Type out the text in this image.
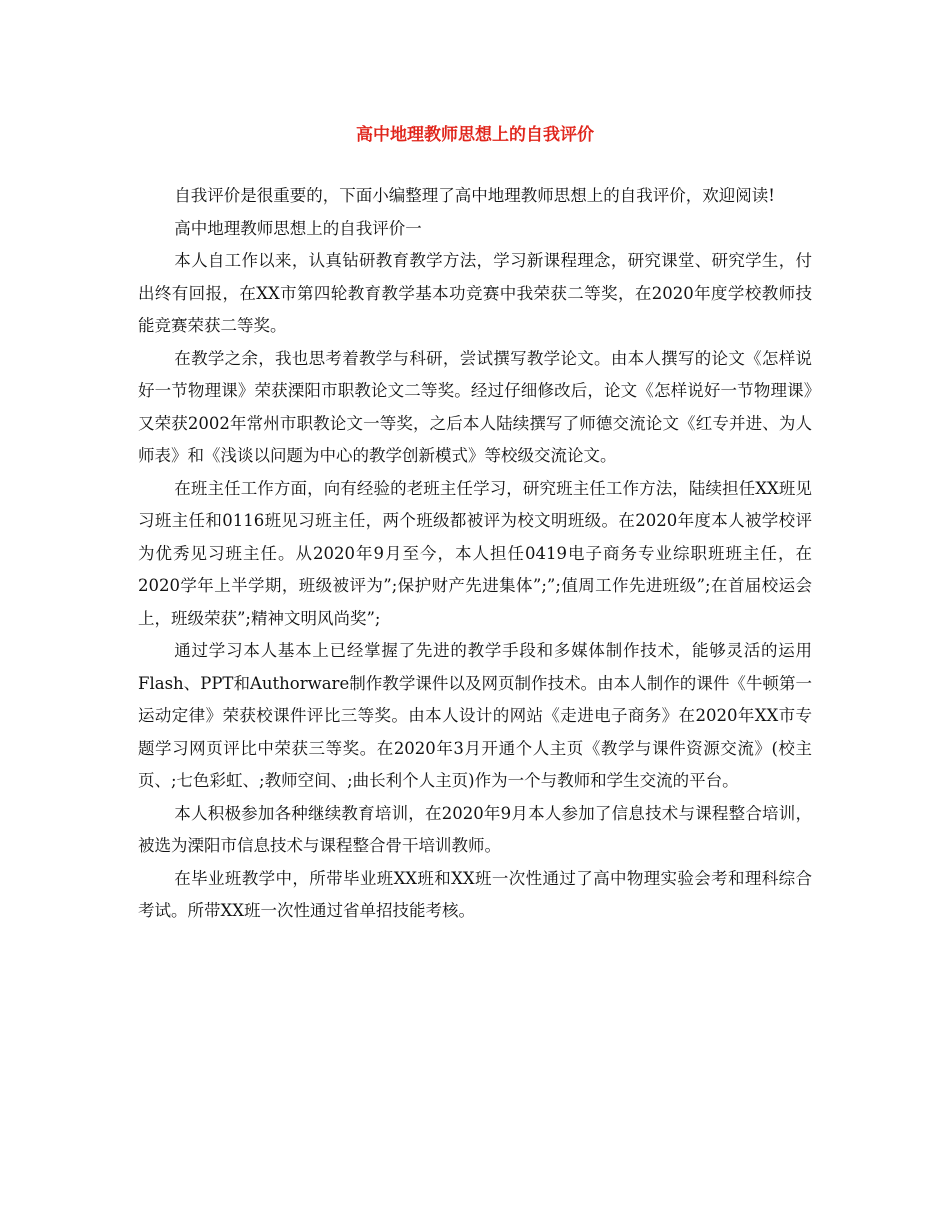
高中地理教师思想上的自我评价

自我评价是很重要的，下面小编整理了高中地理教师思想上的自我评价，欢迎阅读!

高中地理教师思想上的自我评价一

本人自工作以来，认真钻研教育教学方法，学习新课程理念，研究课堂、研究学生，付出终有回报，在XX市第四轮教育教学基本功竞赛中我荣获二等奖，在2020年度学校教师技能竞赛荣获二等奖。

在教学之余，我也思考着教学与科研，尝试撰写教学论文。由本人撰写的论文《怎样说好一节物理课》荣获溧阳市职教论文二等奖。经过仔细修改后，论文《怎样说好一节物理课》又荣获2002年常州市职教论文一等奖，之后本人陆续撰写了师德交流论文《红专并进、为人师表》和《浅谈以问题为中心的教学创新模式》等校级交流论文。

在班主任工作方面，向有经验的老班主任学习，研究班主任工作方法，陆续担任XX班见习班主任和0116班见习班主任，两个班级都被评为校文明班级。在2020年度本人被学校评为优秀见习班主任。从2020年9月至今，本人担任0419电子商务专业综职班班主任，在2020学年上半学期，班级被评为”;保护财产先进集体”;”;值周工作先进班级”;在首届校运会上，班级荣获”;精神文明风尚奖”;

通过学习本人基本上已经掌握了先进的教学手段和多媒体制作技术，能够灵活的运用Flash、PPT和Authorware制作教学课件以及网页制作技术。由本人制作的课件《牛顿第一运动定律》荣获校课件评比三等奖。由本人设计的网站《走进电子商务》在2020年XX市专题学习网页评比中荣获三等奖。在2020年3月开通个人主页《教学与课件资源交流》(校主页、;七色彩虹、;教师空间、;曲长利个人主页)作为一个与教师和学生交流的平台。

本人积极参加各种继续教育培训，在2020年9月本人参加了信息技术与课程整合培训，被选为溧阳市信息技术与课程整合骨干培训教师。

在毕业班教学中，所带毕业班XX班和XX班一次性通过了高中物理实验会考和理科综合考试。所带XX班一次性通过省单招技能考核。
